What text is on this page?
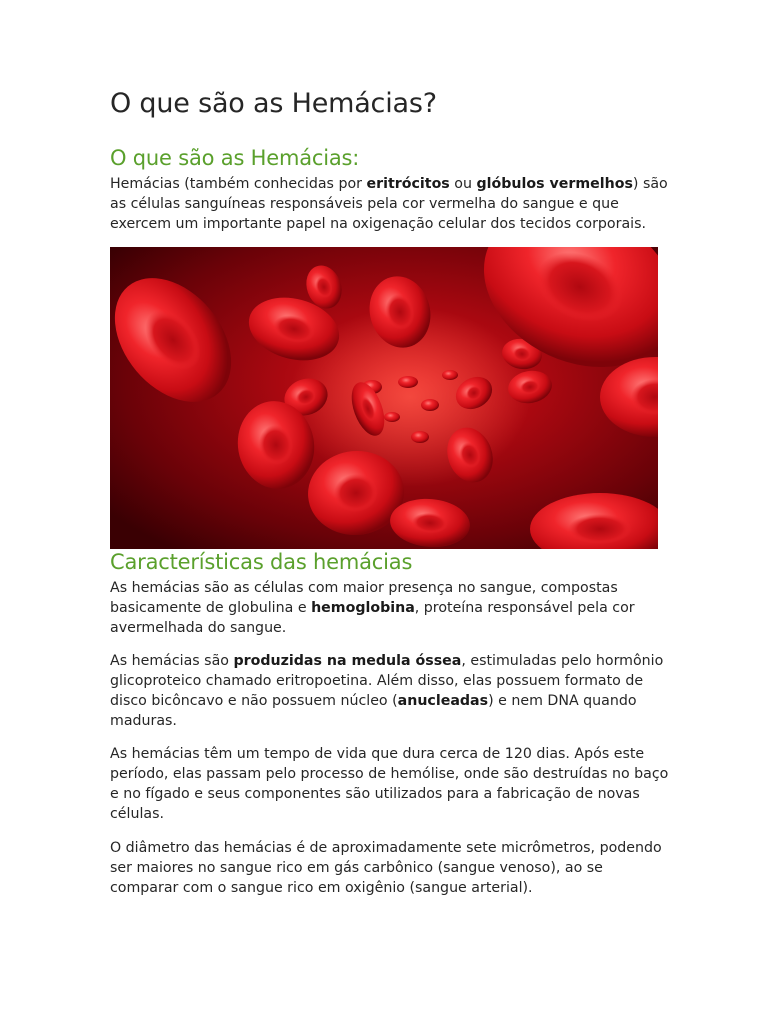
O que são as Hemácias?
O que são as Hemácias:

Hemácias (também conhecidas por eritrócitos ou glóbulos vermelhos) são as células sanguíneas responsáveis pela cor vermelha do sangue e que exercem um importante papel na oxigenação celular dos tecidos corporais.

Características das hemácias

As hemácias são as células com maior presença no sangue, compostas basicamente de globulina e hemoglobina, proteína responsável pela cor avermelhada do sangue.

As hemácias são produzidas na medula óssea, estimuladas pelo hormônio glicoproteico chamado eritropoetina. Além disso, elas possuem formato de disco bicôncavo e não possuem núcleo (anucleadas) e nem DNA quando maduras.

As hemácias têm um tempo de vida que dura cerca de 120 dias. Após este período, elas passam pelo processo de hemólise, onde são destruídas no baço e no fígado e seus componentes são utilizados para a fabricação de novas células.

O diâmetro das hemácias é de aproximadamente sete micrômetros, podendo ser maiores no sangue rico em gás carbônico (sangue venoso), ao se comparar com o sangue rico em oxigênio (sangue arterial).
